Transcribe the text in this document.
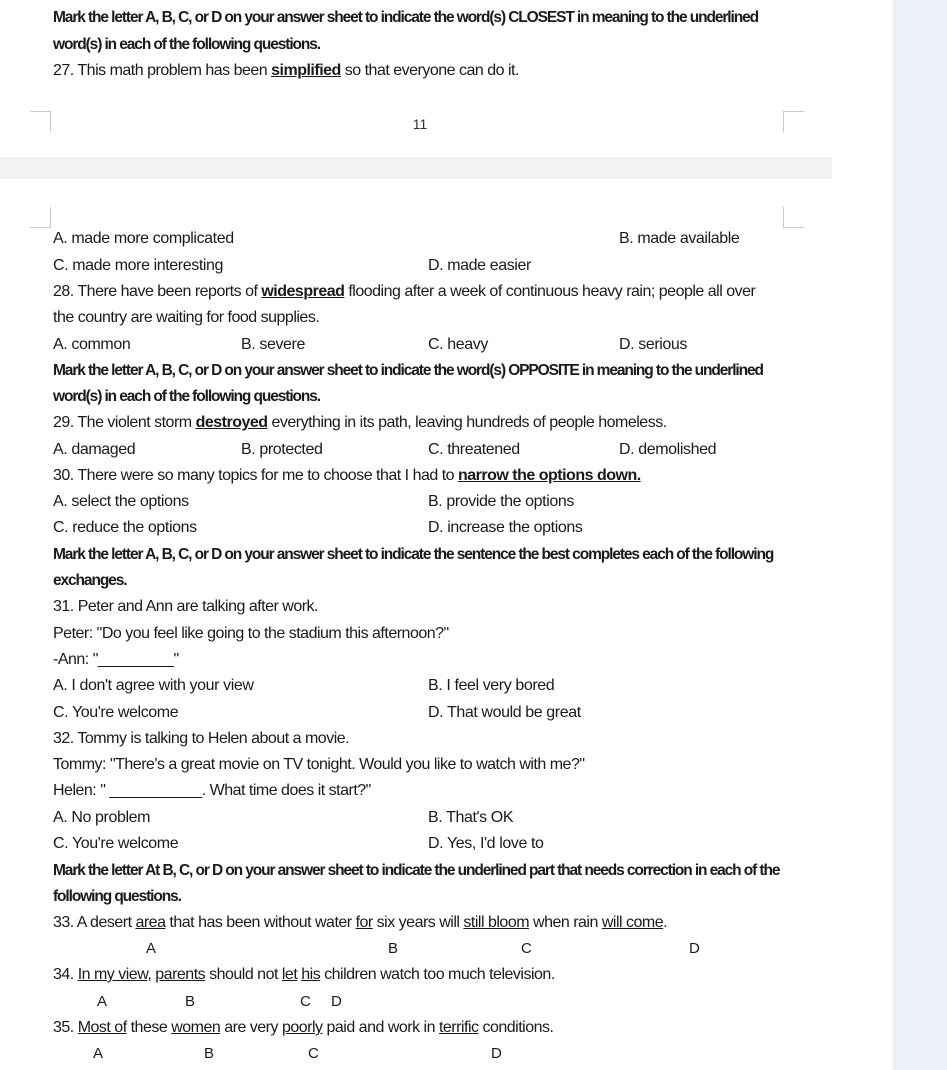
11
Mark the letter A, B, C, or D on your answer sheet to indicate the word(s) CLOSEST in meaning to the underlined
word(s) in each of the following questions.
27. This math problem has been simplified so that everyone can do it.
A. made more complicated	B. made available
C. made more interesting	D. made easier
28. There have been reports of widespread flooding after a week of continuous heavy rain; people all over
the country are waiting for food supplies.
A. common	B. severe	C. heavy	D. serious
Mark the letter A, B, C, or D on your answer sheet to indicate the word(s) OPPOSITE in meaning to the underlined
word(s) in each of the following questions.
29. The violent storm destroyed everything in its path, leaving hundreds of people homeless.
A. damaged	B. protected	C. threatened	D. demolished
30. There were so many topics for me to choose that I had to narrow the options down.
A. select the options	B. provide the options
C. reduce the options	D. increase the options
Mark the letter A, B, C, or D on your answer sheet to indicate the sentence the best completes each of the following
exchanges.
31. Peter and Ann are talking after work.
Peter: "Do you feel like going to the stadium this afternoon?"
-Ann: "_________"
A. I don't agree with your view	B. I feel very bored
C. You're welcome	D. That would be great
32. Tommy is talking to Helen about a movie.
Tommy: "There's a great movie on TV tonight. Would you like to watch with me?"
Helen: " ___________. What time does it start?"
A. No problem	B. That's OK
C. You're welcome	D. Yes, I'd love to
Mark the letter At B, C, or D on your answer sheet to indicate the underlined part that needs correction in each of the
following questions.
33. A desert area that has been without water for six years will still bloom when rain will come.
A	B	C	D
34. In my view, parents should not let his children watch too much television.
A	B	C D
35. Most of these women are very poorly paid and work in terrific conditions.
A	B	C	D
